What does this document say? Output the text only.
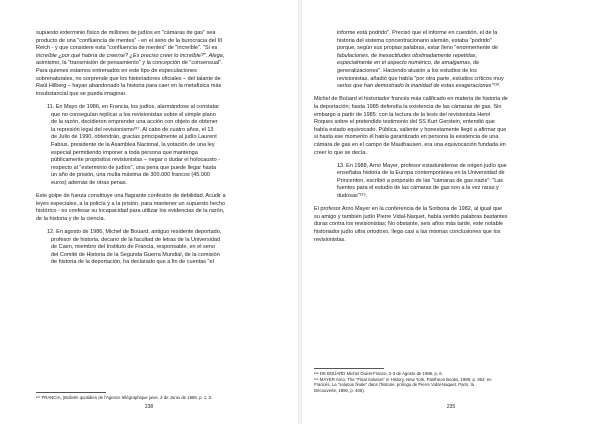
supuesto exterminio físico de millones de judíos en "cámaras de gas" sea
producto de una "confluencia de mentes" - en el seno de la burocracia del III
Reich - y que considere esta "confluencia de mentes" de "increíble". "Si es
increíble ¿por qué habría de creerse? ¿Es preciso creer lo increíble?". Alega,
asimismo, la "transmisión de pensamiento" y la concepción de "consensual".
Para quienes estamos entrenados en este tipo de especulaciones
sobrenaturales, no sorprende que los historiadores oficiales – del talante de
Raúl Hilberg – hayan abandonado la historia para caer en la metafísica más
insubstancial que se pueda imaginar.
11. En Mayo de 1986, en Francia, los judíos, alarmándose al constatar
que no conseguían replicar a los revisionistas sobre el simple plano
de la razón, decidieron emprender una acción con objeto de obtener
la represión legal del revisionismo²¹⁷. Al cabo de cuatro años, el 13
de Julio de 1990, obtendrán, gracias principalmente al judío Laurent
Fabius, presidente de la Asamblea Nacional, la votación de una ley
especial permitiendo imponer a toda persona que mantenga
públicamente propósitos revisionistas – negar o dudar el holocausto -
respecto al "exterminio de judíos", una pena que puede llegar hasta
un año de prisión, una multa máxima de 300.000 francos (45.000
euros) además de otras penas.
Este golpe de fuerza constituye una flagrante confesión de debilidad. Acudir a
leyes especiales, a la policía y a la prisión, para mantener un supuesto hecho
histórico - es confesar su incapacidad para utilizar los evidencias de la razón,
de la historia y de la ciencia.
12. En agosto de 1986, Michel de Boüard, antiguo residente deportado,
profesor de historia, decano de la facultad de letras de la Universidad
de Caen, miembro del Instituto de Francia, responsable, en el seno
del Comité de Historia de la Segunda Guerra Mundial, de la comisión
de historia de la deportación, ha declarado que a fin de cuentas "el
²¹⁷ FRANCIA, (Bulletin quotidien de l'Agence télégraphique juive, 2 de Junio de 1986, p. 1, 3.
238
informe está podrido". Precisó que el informe en cuestión, el de la
historia del sistema concentracionario alemán, estaba "podrido"
porque, según sus propias palabras, estar lleno "enormemente de
fabulaciones, de inexactitudes obstinadamente repetidas,
especialmente en el aspecto numérico, de amalgamas, de
generalizaciones". Haciendo alusión a los estudios de los
revisionistas, añadió que había "por otra parte, estudios críticos muy
serios que han demostrado la inanidad de estas exageraciones"²¹⁸.
Michel de Boüard el historiador francés más calificado en materia de historia de
la deportación; hasta 1985 defendía la existencia de las cámaras de gas. Sin
embargo a partir de 1985: con la lectura de la tesis del revisionista Henri
Roques sobre el pretendido testimonio del SS Kurt Gerstein, entendió que
había estado equivocado. Pública, valiente y honestamente llegó a afirmar que
si hasta ese momento él había garantizado en persona la existencia de una
cámara de gas en el campo de Mauthausen, era una equivocación fundada en
creer lo que se decía.
13. En 1988, Arno Mayer, profesor estadunidense de origen judío que
enseñaba historia de la Europa contemporánea en la Universidad de
Princenton, escribió a propósito de las "cámaras de gas nazis": "Las
fuentes para el estudio de las cámaras de gas son a la vez raras y
dudosas"²¹⁹.
El profesor Arno Mayer en la conferencia de la Sorbona de 1982, al igual que
su amigo y también judío Pierre Vidal-Naquet, había vertido palabras bastantes
duras contra los revisionistas; No obstante, seis años más tarde, este notable
historiador judío ultra ortodoxo, llega casi a las mismas conclusiones que los
revisionistas.
²¹⁸ DE BOÜARD Michel Ouest-France, 2-3 de Agosto de 1986, p. 6.
²¹⁹ MAYER Arno, The "Final Solution" in History, New York, Pantheon Books, 1988, p. 362; en
Francés, La "solution finale" dans l'histoire, prólogo de Pierre Vidal-Naquet, París, la
Découverte, 1990, p. 406).
235
